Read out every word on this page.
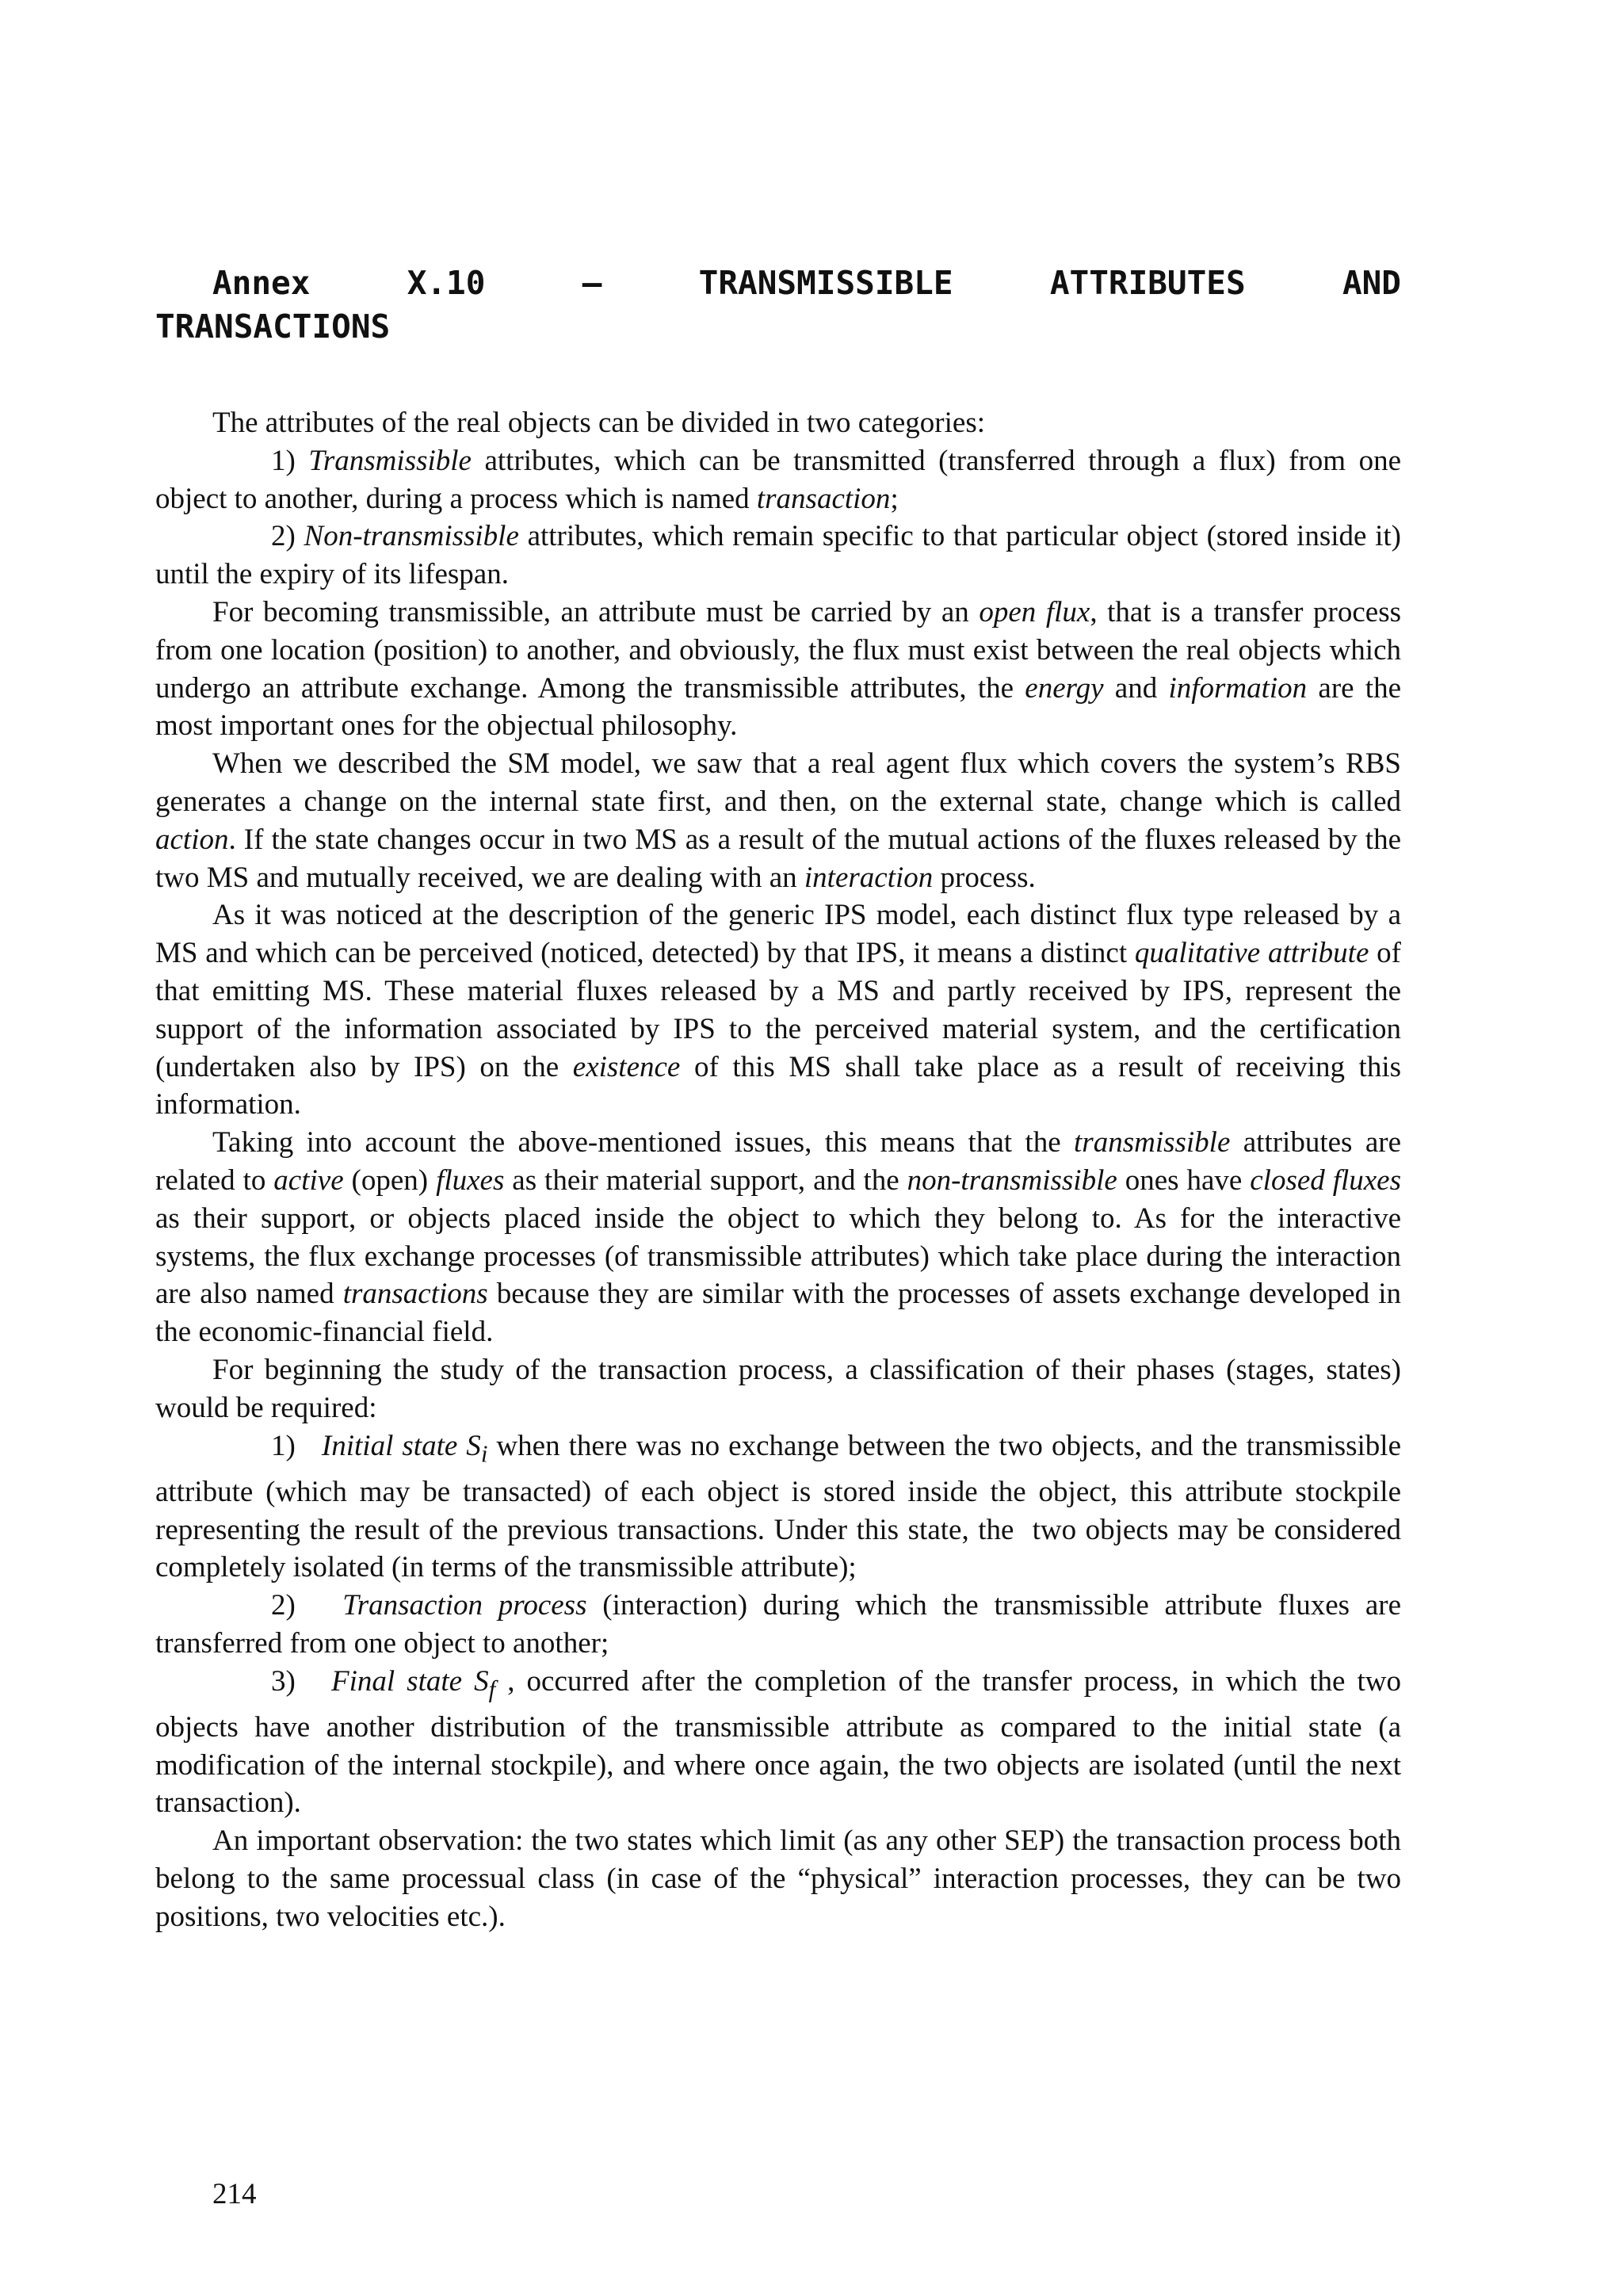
Annex	X.10	–	TRANSMISSIBLE	ATTRIBUTES	AND
TRANSACTIONS

The attributes of the real objects can be divided in two categories:

1) Transmissible attributes, which can be transmitted (transferred through a flux) from one object to another, during a process which is named transaction;

2) Non-transmissible attributes, which remain specific to that particular object (stored inside it) until the expiry of its lifespan.

For becoming transmissible, an attribute must be carried by an open flux, that is a transfer process from one location (position) to another, and obviously, the flux must exist between the real objects which undergo an attribute exchange. Among the transmissible attributes, the energy and information are the most important ones for the objectual philosophy.

When we described the SM model, we saw that a real agent flux which covers the system’s RBS generates a change on the internal state first, and then, on the external state, change which is called action. If the state changes occur in two MS as a result of the mutual actions of the fluxes released by the two MS and mutually received, we are dealing with an interaction process.

As it was noticed at the description of the generic IPS model, each distinct flux type released by a MS and which can be perceived (noticed, detected) by that IPS, it means a distinct qualitative attribute of that emitting MS. These material fluxes released by a MS and partly received by IPS, represent the support of the information associated by IPS to the perceived material system, and the certification (undertaken also by IPS) on the existence of this MS shall take place as a result of receiving this information.

Taking into account the above-mentioned issues, this means that the transmissible attributes are related to active (open) fluxes as their material support, and the non-transmissible ones have closed fluxes as their support, or objects placed inside the object to which they belong to. As for the interactive systems, the flux exchange processes (of transmissible attributes) which take place during the interaction are also named transactions because they are similar with the processes of assets exchange developed in the economic-financial field.

For beginning the study of the transaction process, a classification of their phases (stages, states) would be required:

1)   Initial state $S_i$ when there was no exchange between the two objects, and the transmissible attribute (which may be transacted) of each object is stored inside the object, this attribute stockpile representing the result of the previous transactions. Under this state, the  two objects may be considered completely isolated (in terms of the transmissible attribute);

2)   Transaction process (interaction) during which the transmissible attribute fluxes are transferred from one object to another;

3)   Final state $S_f$ , occurred after the completion of the transfer process, in which the two objects have another distribution of the transmissible attribute as compared to the initial state (a modification of the internal stockpile), and where once again, the two objects are isolated (until the next transaction).

An important observation: the two states which limit (as any other SEP) the transaction process both belong to the same processual class (in case of the “physical” interaction processes, they can be two positions, two velocities etc.).

214
